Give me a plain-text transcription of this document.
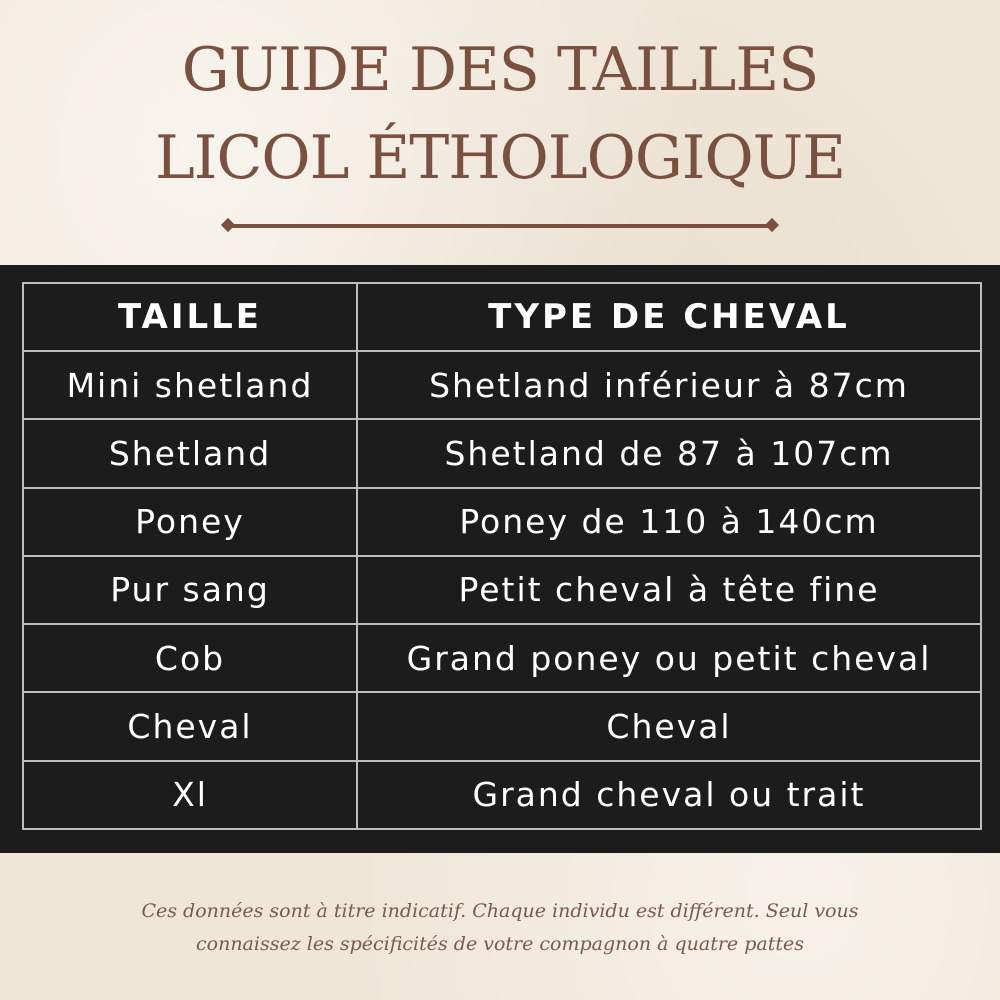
GUIDE DES TAILLES
LICOL ÉTHOLOGIQUE
TAILLE	TYPE DE CHEVAL
Mini shetland	Shetland inférieur à 87cm
Shetland	Shetland de 87 à 107cm
Poney	Poney de 110 à 140cm
Pur sang	Petit cheval à tête fine
Cob	Grand poney ou petit cheval
Cheval	Cheval
Xl	Grand cheval ou trait
Ces données sont à titre indicatif. Chaque individu est différent. Seul vous
connaissez les spécificités de votre compagnon à quatre pattes
